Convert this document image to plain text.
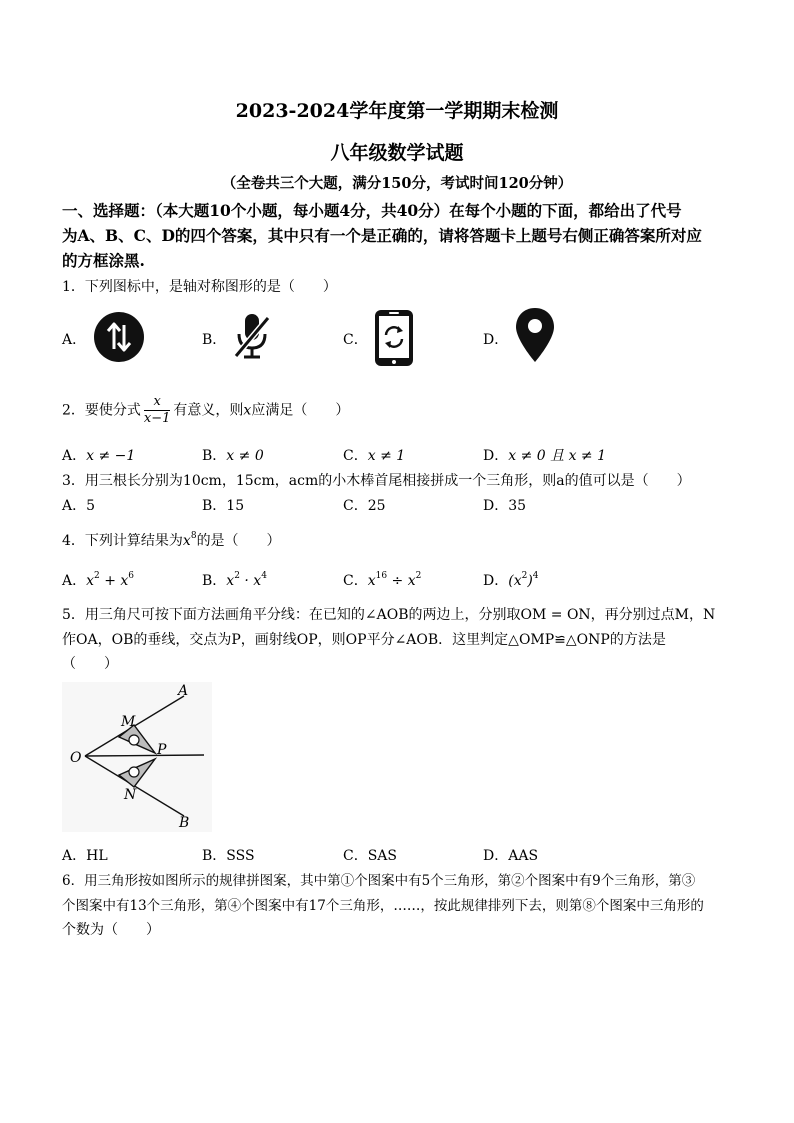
2023-2024学年度第一学期期末检测
八年级数学试题
（全卷共三个大题，满分150分，考试时间120分钟）
一、选择题：（本大题10个小题，每小题4分，共40分）在每个小题的下面，都给出了代号
为A、B、C、D的四个答案，其中只有一个是正确的，请将答题卡上题号右侧正确答案所对应
的方框涂黑.
1．下列图标中，是轴对称图形的是（　　）
A．	B．	C．	D．
2．要使分式 $\frac{x}{x-1}$ 有意义，则x应满足（　　）
A．x ≠ −1	B．x ≠ 0	C．x ≠ 1	D．x ≠ 0 且 x ≠ 1
3．用三根长分别为10cm，15cm，acm的小木棒首尾相接拼成一个三角形，则a的值可以是（　　）
A．5	B．15	C．25	D．35
4．下列计算结果为$x^8$的是（　　）
A．$x^2 + x^6$	B．$x^2 \cdot x^4$	C．$x^{16} \div x^2$	D．$(x^2)^4$
5．用三角尺可按下面方法画角平分线：在已知的∠AOB的两边上，分别取OM = ON，再分别过点M，N
作OA，OB的垂线，交点为P，画射线OP，则OP平分∠AOB．这里判定△OMP≌△ONP的方法是
（　　）
A
M
O	P
N
B
A．HL	B．SSS	C．SAS	D．AAS
6．用三角形按如图所示的规律拼图案，其中第①个图案中有5个三角形，第②个图案中有9个三角形，第③
个图案中有13个三角形，第④个图案中有17个三角形，……，按此规律排列下去，则第⑧个图案中三角形的
个数为（　　）
